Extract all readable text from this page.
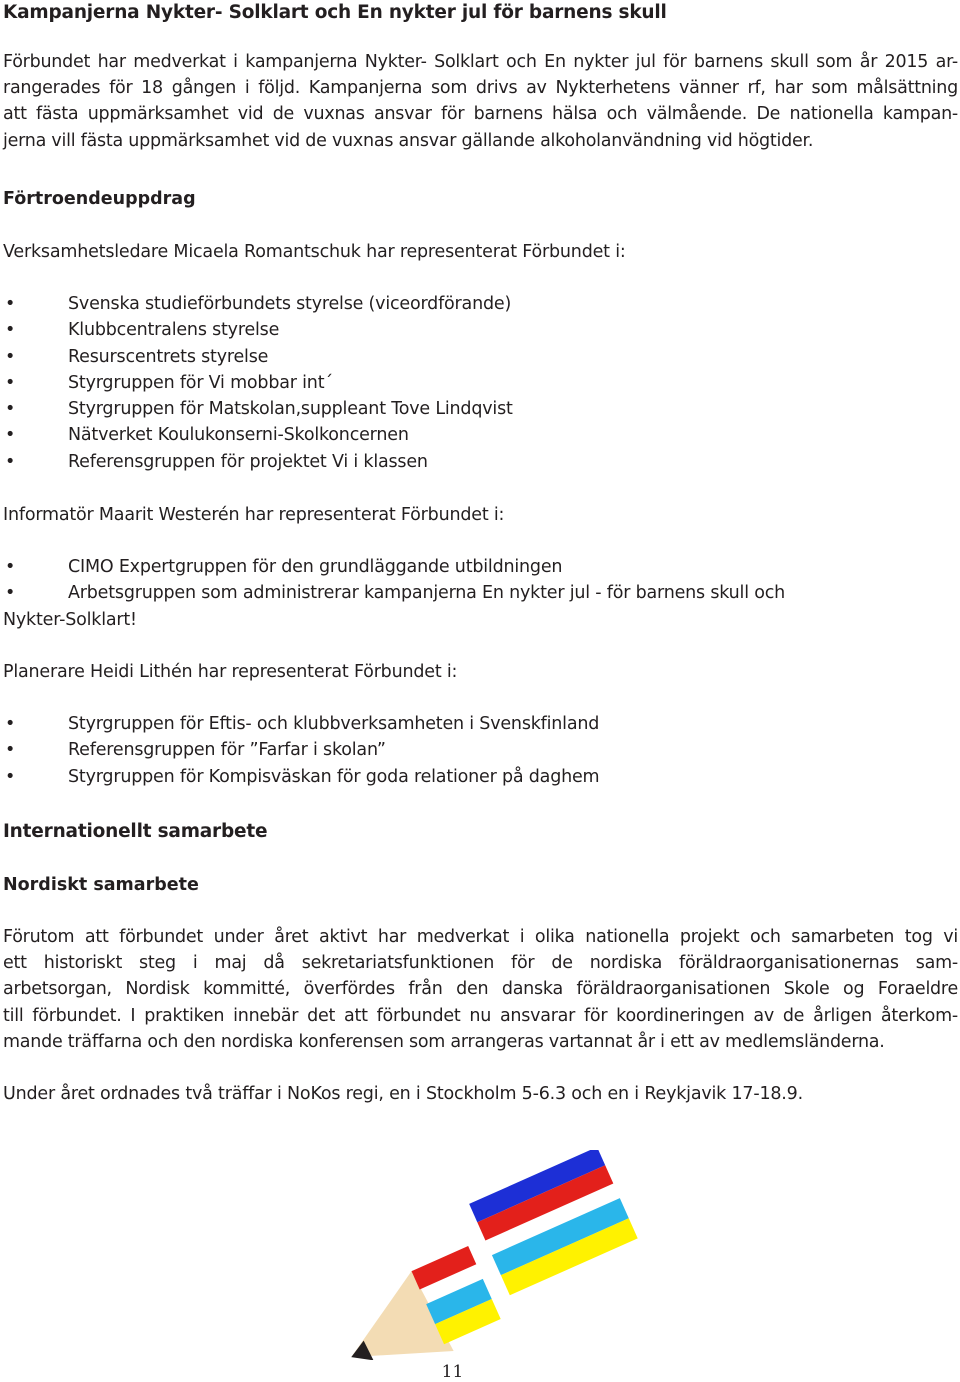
Kampanjerna Nykter- Solklart och En nykter jul för barnens skull
Förbundet har medverkat i kampanjerna Nykter- Solklart och En nykter jul för barnens skull som år 2015 ar-
rangerades för 18 gången i följd. Kampanjerna som drivs av Nykterhetens vänner rf, har som målsättning
att fästa uppmärksamhet vid de vuxnas ansvar för barnens hälsa och välmående. De nationella kampan-
jerna vill fästa uppmärksamhet vid de vuxnas ansvar gällande alkoholanvändning vid högtider.
Förtroendeuppdrag
Verksamhetsledare Micaela Romantschuk har representerat Förbundet i:
•	Svenska studieförbundets styrelse (viceordförande)
•	Klubbcentralens styrelse
•	Resurscentrets styrelse
•	Styrgruppen för Vi mobbar int´
•	Styrgruppen för Matskolan,suppleant Tove Lindqvist
•	Nätverket Koulukonserni-Skolkoncernen
•	Referensgruppen för projektet Vi i klassen
Informatör Maarit Westerén har representerat Förbundet i:
•	CIMO Expertgruppen för den grundläggande utbildningen
•	Arbetsgruppen som administrerar kampanjerna En nykter jul - för barnens skull och
Nykter-Solklart!
Planerare Heidi Lithén har representerat Förbundet i:
•	Styrgruppen för Eftis- och klubbverksamheten i Svenskfinland
•	Referensgruppen för ”Farfar i skolan”
•	Styrgruppen för Kompisväskan för goda relationer på daghem
Internationellt samarbete
Nordiskt samarbete
Förutom att förbundet under året aktivt har medverkat i olika nationella projekt och samarbeten tog vi
ett historiskt steg i maj då sekretariatsfunktionen för de nordiska föräldraorganisationernas sam-
arbetsorgan, Nordisk kommitté, överfördes från den danska föräldraorganisationen Skole og Foraeldre
till förbundet. I praktiken innebär det att förbundet nu ansvarar för koordineringen av de årligen återkom-
mande träffarna och den nordiska konferensen som arrangeras vartannat år i ett av medlemsländerna.
Under året ordnades två träffar i NoKos regi, en i Stockholm 5-6.3 och en i Reykjavik 17-18.9.
11
